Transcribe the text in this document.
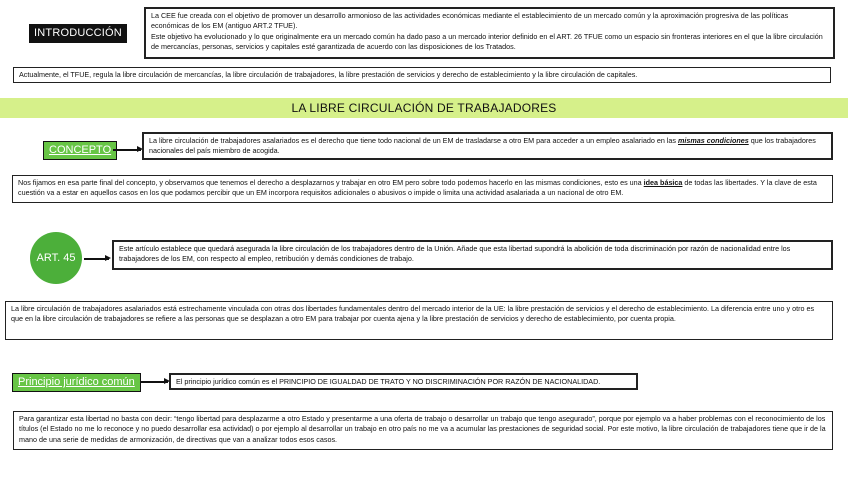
INTRODUCCIÓN
La CEE fue creada con el objetivo de promover un desarrollo armonioso de las actividades económicas mediante el establecimiento de un mercado común y la aproximación progresiva de las políticas económicas de los EM (antiguo ART.2 TFUE).
Este objetivo ha evolucionado y lo que originalmente era un mercado común ha dado paso a un mercado interior definido en el ART. 26 TFUE como un espacio sin fronteras interiores en el que la libre circulación de mercancías, personas, servicios y capitales esté garantizada de acuerdo con las disposiciones de los Tratados.
Actualmente, el TFUE, regula la libre circulación de mercancías, la libre circulación de trabajadores, la libre prestación de servicios y derecho de establecimiento y la libre circulación de capitales.
LA LIBRE CIRCULACIÓN DE TRABAJADORES
CONCEPTO
La libre circulación de trabajadores asalariados es el derecho que tiene todo nacional de un EM de trasladarse a otro EM para acceder a un empleo asalariado en las mismas condiciones que los trabajadores nacionales del país miembro de acogida.
Nos fijamos en esa parte final del concepto, y observamos que tenemos el derecho a desplazarnos y trabajar en otro EM pero sobre todo podemos hacerlo en las mismas condiciones, esto es una idea básica de todas las libertades. Y la clave de esta cuestión va a estar en aquellos casos en los que podamos percibir que un EM incorpora requisitos adicionales o abusivos o impide o limita una actividad asalariada a un nacional de otro EM.
ART. 45
Este artículo establece que quedará asegurada la libre circulación de los trabajadores dentro de la Unión. Añade que esta libertad supondrá la abolición de toda discriminación por razón de nacionalidad entre los trabajadores de los EM, con respecto al empleo, retribución y demás condiciones de trabajo.
La libre circulación de trabajadores asalariados está estrechamente vinculada con otras dos libertades fundamentales dentro del mercado interior de la UE: la libre prestación de servicios y el derecho de establecimiento. La diferencia entre uno y otro es que en la libre circulación de trabajadores se refiere a las personas que se desplazan a otro EM para trabajar por cuenta ajena y la libre prestación de servicios y derecho de establecimiento, por cuenta propia.
Principio jurídico común	El principio jurídico común es el PRINCIPIO DE IGUALDAD DE TRATO Y NO DISCRIMINACIÓN POR RAZÓN DE NACIONALIDAD.
Para garantizar esta libertad no basta con decir: “tengo libertad para desplazarme a otro Estado y presentarme a una oferta de trabajo o desarrollar un trabajo que tengo asegurado”, porque por ejemplo va a haber problemas con el reconocimiento de los títulos (el Estado no me lo reconoce y no puedo desarrollar esa actividad) o por ejemplo al desarrollar un trabajo en otro país no me va a acumular las prestaciones de seguridad social. Por este motivo, la libre circulación de trabajadores tiene que ir de la mano de una serie de medidas de armonización, de directivas que van a analizar todos esos casos.
